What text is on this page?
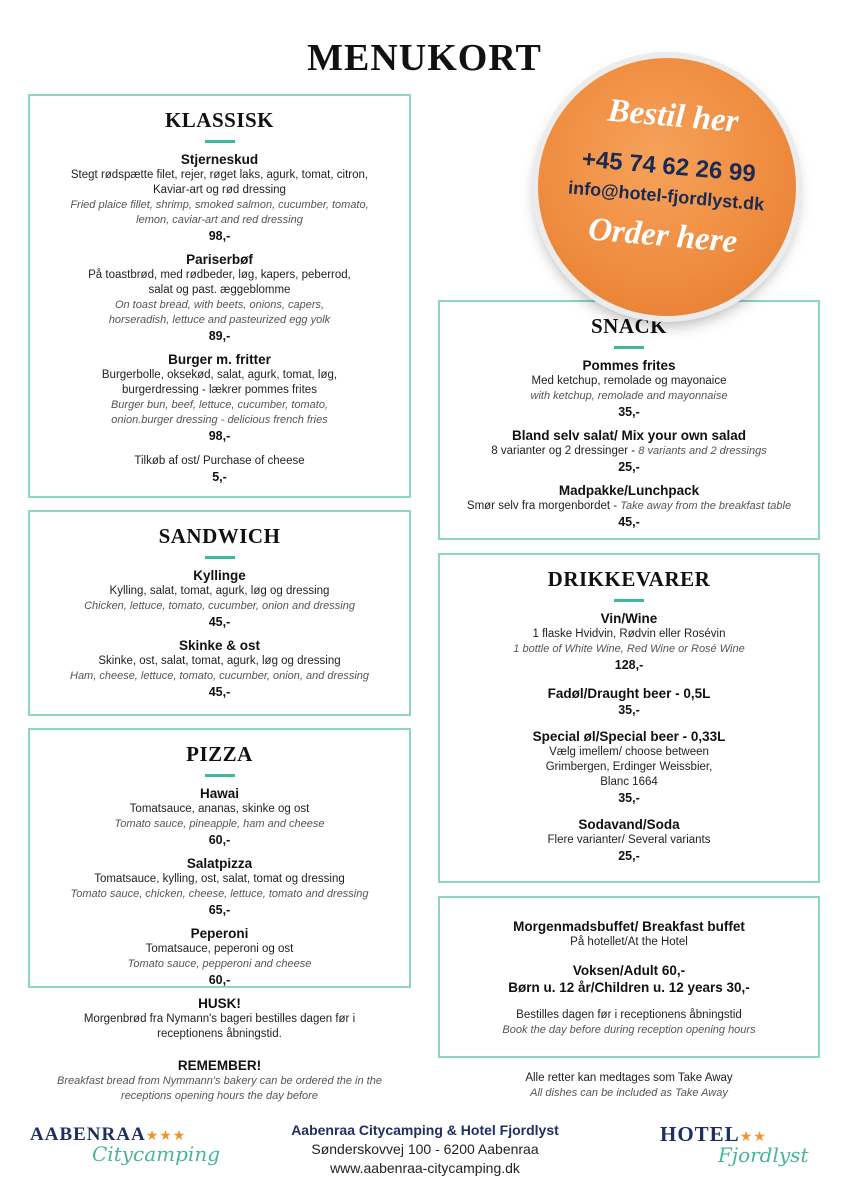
MENUKORT
KLASSISK
Stjerneskud
Stegt rødspætte filet, rejer, røget laks, agurk, tomat, citron, Kaviar-art og rød dressing
Fried plaice fillet, shrimp, smoked salmon, cucumber, tomato, lemon, caviar-art and red dressing
98,-
Pariserbøf
På toastbrød, med rødbeder, løg, kapers, peberrod, salat og past. æggeblomme
On toast bread, with beets, onions, capers, horseradish, lettuce and pasteurized egg yolk
89,-
Burger m. fritter
Burgerbolle, oksekød, salat, agurk, tomat, løg, burgerdressing - lækrer pommes frites
Burger bun, beef, lettuce, cucumber, tomato, onion.burger dressing - delicious french fries
98,-
Tilkøb af ost/ Purchase of cheese
5,-
SANDWICH
Kyllinge
Kylling, salat, tomat, agurk, løg og dressing
Chicken, lettuce, tomato, cucumber, onion and dressing
45,-
Skinke & ost
Skinke, ost, salat, tomat, agurk, løg og dressing
Ham, cheese, lettuce, tomato, cucumber, onion, and dressing
45,-
PIZZA
Hawai
Tomatsauce, ananas, skinke og ost
Tomato sauce, pineapple, ham and cheese
60,-
Salatpizza
Tomatsauce, kylling, ost, salat, tomat og dressing
Tomato sauce, chicken, cheese, lettuce, tomato and dressing
65,-
Peperoni
Tomatsauce, peperoni og ost
Tomato sauce, pepperoni and cheese
60,-
HUSK!
Morgenbrød fra Nymann's bageri bestilles dagen før i receptionens åbningstid.
REMEMBER!
Breakfast bread from Nymmann's bakery can be ordered the in the receptions opening hours the day before
SNACK
Pommes frites
Med ketchup, remolade og mayonaice
with ketchup, remolade and mayonnaise
35,-
Bland selv salat/ Mix your own salad
8 varianter og 2 dressinger - 8 variants and 2 dressings
25,-
Madpakke/Lunchpack
Smør selv fra morgenbordet - Take away from the breakfast table
45,-
DRIKKEVARER
Vin/Wine
1 flaske Hvidvin, Rødvin eller Rosévin
1 bottle of White Wine, Red Wine or Rosé Wine
128,-
Fadøl/Draught beer - 0,5L
35,-
Special øl/Special beer - 0,33L
Vælg imellem/ choose between
Grimbergen, Erdinger Weissbier,
Blanc 1664
35,-
Sodavand/Soda
Flere varianter/ Several variants
25,-
Morgenmadsbuffet/ Breakfast buffet
På hotellet/At the Hotel
Voksen/Adult 60,-
Børn u. 12 år/Children u. 12 years 30,-
Bestilles dagen før i receptionens åbningstid
Book the day before during reception opening hours
Alle retter kan medtages som Take Away
All dishes can be included as Take Away
Bestil her
+45 74 62 26 99
info@hotel-fjordlyst.dk
Order here
AABENRAA★★★
Citycamping
Aabenraa Citycamping & Hotel Fjordlyst
Sønderskovvej 100 - 6200 Aabenraa
www.aabenraa-citycamping.dk
HOTEL★★
Fjordlyst
